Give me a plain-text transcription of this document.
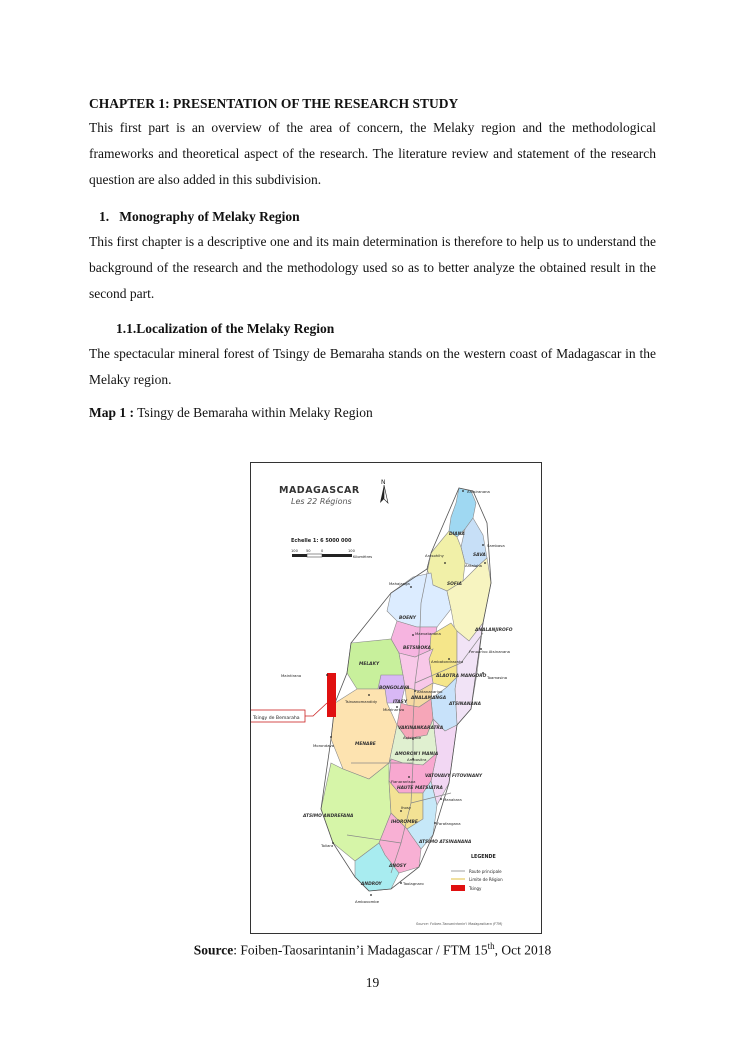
CHAPTER 1: PRESENTATION OF THE RESEARCH STUDY

This first part is an overview of the area of concern, the Melaky region and the methodological frameworks and theoretical aspect of the research. The literature review and statement of the research question are also added in this subdivision.

1. Monography of Melaky Region

This first chapter is a descriptive one and its main determination is therefore to help us to understand the background of the research and the methodology used so as to better analyze the obtained result in the second part.

1.1.Localization of the Melaky Region

The spectacular mineral forest of Tsingy de Bemaraha stands on the western coast of Madagascar in the Melaky region.

Map 1 : Tsingy de Bemaraha within Melaky Region
MADAGASCAR
Les 22 Régions
N
Echelle 1: 6 5000 000
100 50	0	100
Kilomètres
Tsingy de Bemaraha
DIANA
SAVA
SOFIA
BOENY
ANALANJIROFO
BETSIBOKA
MELAKY
ALAOTRA MANGORO
ANALAMANGA
BONGOLAVA
ITASY	ATSINANANA
VAKINANKARATRA
MENABE
AMORON'I MANIA
VATOVAVY FITOVINANY
HAUTE MATSIATRA
ATSIMO ANDREFANA
IHOROMBE
ATSIMO ATSINANANA
ANOSY
ANDROY
Antsiranana
Sambava
Antalaha
Mahajanga
Maevatanana
Fenoarivo Atsinanana
Ambatondrazaka
Toamasina
Maintirano
Tsiroanomandidy
Miarinarivo
Antananarivo
Antsirabe
Morondava
Ambositra
Fianarantsoa
Manakara
Ihosy
Farafangana
Toliara
Taolagnaro
Ambovombe
Antsohihy
LEGENDE
Route principale
Limite de Région
Tsingy
Source: Foiben-Taosarintanin'i Madagasikara (FTM)
Source: Foiben-Taosarintanin’i Madagascar / FTM 15th, Oct 2018
19
